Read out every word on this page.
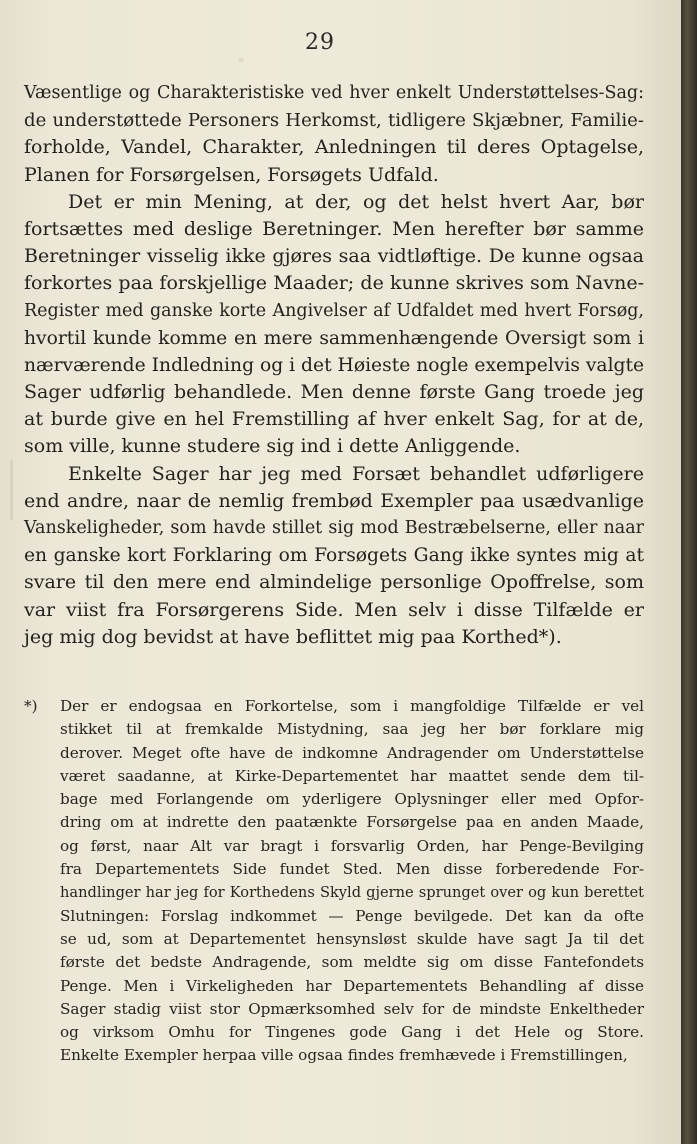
29
Væsentlige og Charakteristiske ved hver enkelt Understøttelses-Sag:
de understøttede Personers Herkomst, tidligere Skjæbner, Familie-
forholde, Vandel, Charakter, Anledningen til deres Optagelse,
Planen for Forsørgelsen, Forsøgets Udfald.
Det er min Mening, at der, og det helst hvert Aar, bør
fortsættes med deslige Beretninger. Men herefter bør samme
Beretninger visselig ikke gjøres saa vidtløftige. De kunne ogsaa
forkortes paa forskjellige Maader; de kunne skrives som Navne-
Register med ganske korte Angivelser af Udfaldet med hvert Forsøg,
hvortil kunde komme en mere sammenhængende Oversigt som i
nærværende Indledning og i det Høieste nogle exempelvis valgte
Sager udførlig behandlede. Men denne første Gang troede jeg
at burde give en hel Fremstilling af hver enkelt Sag, for at de,
som ville, kunne studere sig ind i dette Anliggende.
Enkelte Sager har jeg med Forsæt behandlet udførligere
end andre, naar de nemlig frembød Exempler paa usædvanlige
Vanskeligheder, som havde stillet sig mod Bestræbelserne, eller naar
en ganske kort Forklaring om Forsøgets Gang ikke syntes mig at
svare til den mere end almindelige personlige Opoffrelse, som
var viist fra Forsørgerens Side. Men selv i disse Tilfælde er
jeg mig dog bevidst at have beflittet mig paa Korthed*).
*) Der er endogsaa en Forkortelse, som i mangfoldige Tilfælde er vel
stikket til at fremkalde Mistydning, saa jeg her bør forklare mig
derover. Meget ofte have de indkomne Andragender om Understøttelse
været saadanne, at Kirke-Departementet har maattet sende dem til-
bage med Forlangende om yderligere Oplysninger eller med Opfor-
dring om at indrette den paatænkte Forsørgelse paa en anden Maade,
og først, naar Alt var bragt i forsvarlig Orden, har Penge-Bevilging
fra Departementets Side fundet Sted. Men disse forberedende For-
handlinger har jeg for Korthedens Skyld gjerne sprunget over og kun berettet
Slutningen: Forslag indkommet — Penge bevilgede. Det kan da ofte
se ud, som at Departementet hensynsløst skulde have sagt Ja til det
første det bedste Andragende, som meldte sig om disse Fantefondets
Penge. Men i Virkeligheden har Departementets Behandling af disse
Sager stadig viist stor Opmærksomhed selv for de mindste Enkeltheder
og virksom Omhu for Tingenes gode Gang i det Hele og Store.
Enkelte Exempler herpaa ville ogsaa findes fremhævede i Fremstillingen,
